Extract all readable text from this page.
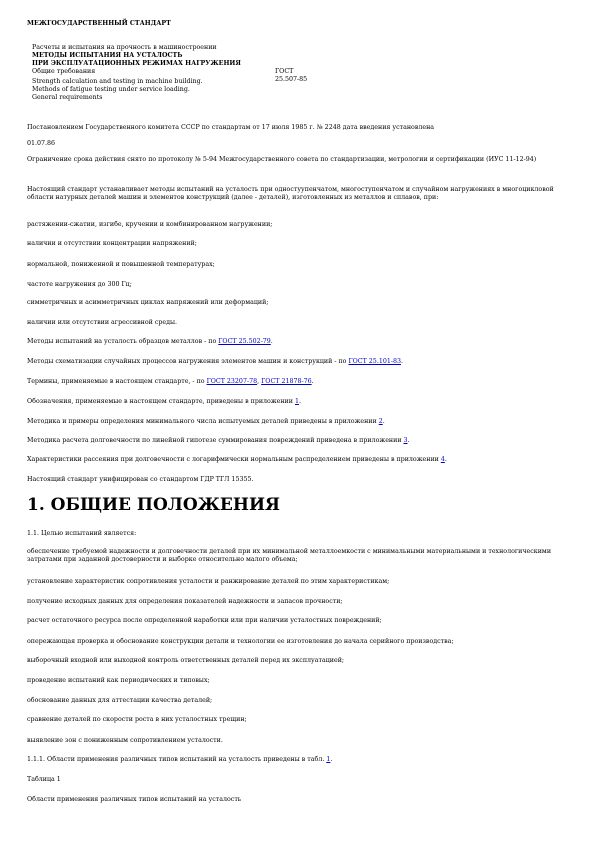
МЕЖГОСУДАРСТВЕННЫЙ СТАНДАРТ
Расчеты и испытания на прочность в машиностроении
МЕТОДЫ ИСПЫТАНИЯ НА УСТАЛОСТЬ
ПРИ ЭКСПЛУАТАЦИОННЫХ РЕЖИМАХ НАГРУЖЕНИЯ
Общие требования
Strength calculation and testing in machine building.
Methods of fatigue testing under service loading.
General requirements
ГОСТ
25.507-85
Постановлением Государственного комитета СССР по стандартам от 17 июля 1985 г. № 2248 дата введения установлена
01.07.86
Ограничение срока действия снято по протоколу № 5-94 Межгосударственного совета по стандартизации, метрологии и сертификации (ИУС 11-12-94)
Настоящий стандарт устанавливает методы испытаний на усталость при одностуупенчатом, многоступенчатом и случайном нагружениях в многоцикловой области натурных деталей машин и элементов конструкций (далее - деталей), изготовленных из металлов и сплавов, при:
растяжении-сжатии, изгибе, кручении и комбинированном нагружении;
наличии и отсутствии концентрации напряжений;
нормальной, пониженной и повышенной температурах;
частоте нагружения до 300 Гц;
симметричных и асимметричных циклах напряжений или деформаций;
наличии или отсутствии агрессивной среды.
Методы испытаний на усталость образцов металлов - по ГОСТ 25.502-79.
Методы схематизации случайных процессов нагружения элементов машин и конструкций - по ГОСТ 25.101-83.
Термины, применяемые в настоящем стандарте, - по ГОСТ 23207-78, ГОСТ 21878-76.
Обозначения, применяемые в настоящем стандарте, приведены в приложении 1.
Методика и примеры определения минимального числа испытуемых деталей приведены в приложении 2.
Методика расчета долговечности по линейной гипотезе суммирования повреждений приведена в приложении 3.
Характеристики рассеяния при долговечности с логарифмически нормальным распределением приведены в приложении 4.
Настоящий стандарт унифицирован со стандартом ГДР ТГЛ 15355.
1. ОБЩИЕ ПОЛОЖЕНИЯ
1.1. Целью испытаний является:
обеспечение требуемой надежности и долговечности деталей при их минимальной металлоемкости с минимальными материальными и технологическими затратами при заданной достоверности и выборке относительно малого объема;
установление характеристик сопротивления усталости и ранжирование деталей по этим характеристикам;
получение исходных данных для определения показателей надежности и запасов прочности;
расчет остаточного ресурса после определенной наработки или при наличии усталостных повреждений;
опережающая проверка и обоснование конструкции детали и технологии ее изготовления до начала серийного производства;
выборочный входной или выходной контроль ответственных деталей перед их эксплуатацией;
проведение испытаний как периодических и типовых;
обоснование данных для аттестации качества деталей;
сравнение деталей по скорости роста в них усталостных трещин;
выявление зон с пониженным сопротивлением усталости.
1.1.1. Области применения различных типов испытаний на усталость приведены в табл. 1.
Таблица 1
Области применения различных типов испытаний на усталость
